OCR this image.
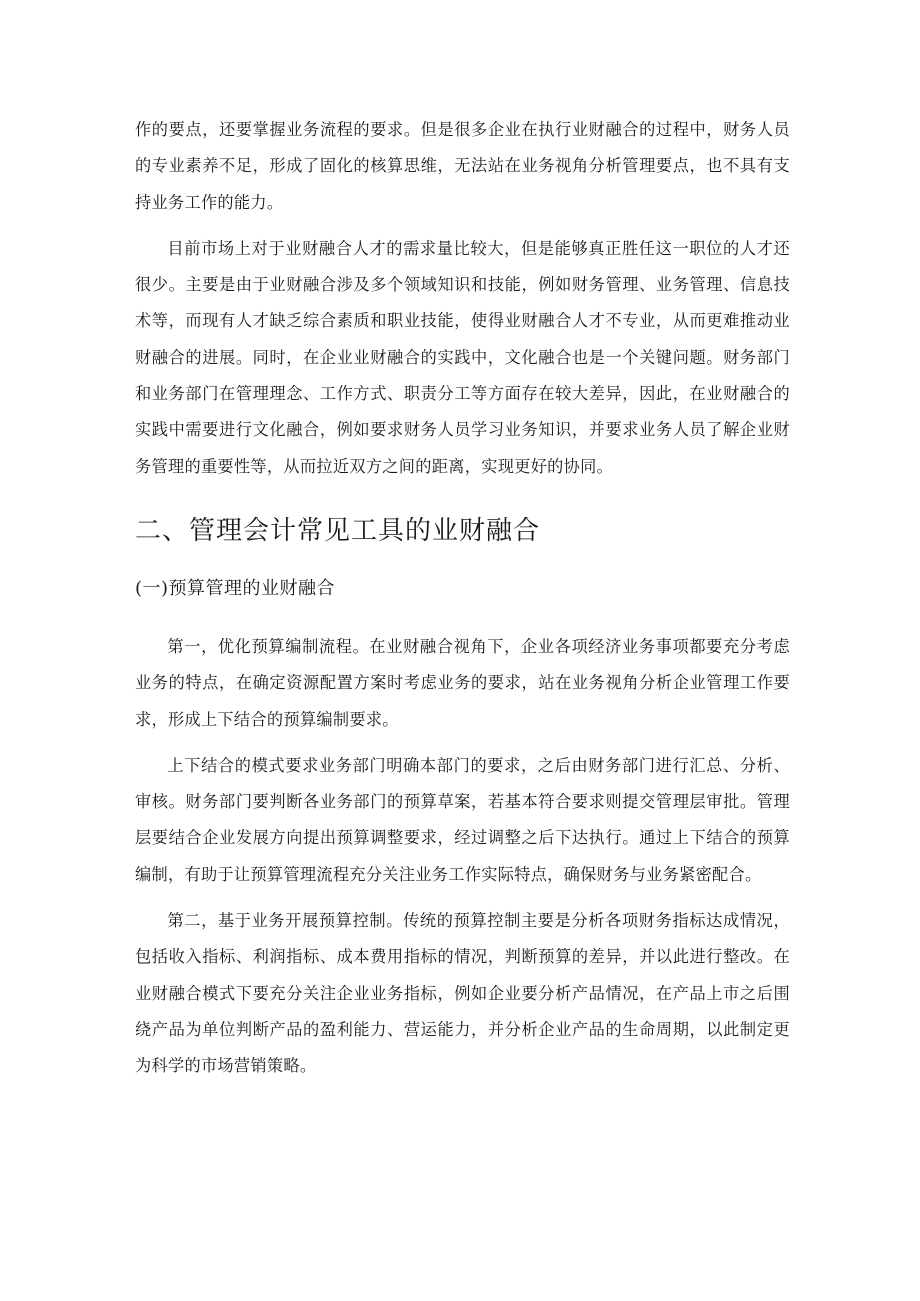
作的要点，还要掌握业务流程的要求。但是很多企业在执行业财融合的过程中，财务人员的专业素养不足，形成了固化的核算思维，无法站在业务视角分析管理要点，也不具有支持业务工作的能力。

目前市场上对于业财融合人才的需求量比较大，但是能够真正胜任这一职位的人才还很少。主要是由于业财融合涉及多个领域知识和技能，例如财务管理、业务管理、信息技术等，而现有人才缺乏综合素质和职业技能，使得业财融合人才不专业，从而更难推动业财融合的进展。同时，在企业业财融合的实践中，文化融合也是一个关键问题。财务部门和业务部门在管理理念、工作方式、职责分工等方面存在较大差异，因此，在业财融合的实践中需要进行文化融合，例如要求财务人员学习业务知识，并要求业务人员了解企业财务管理的重要性等，从而拉近双方之间的距离，实现更好的协同。

二、管理会计常见工具的业财融合
(一)预算管理的业财融合

第一，优化预算编制流程。在业财融合视角下，企业各项经济业务事项都要充分考虑业务的特点，在确定资源配置方案时考虑业务的要求，站在业务视角分析企业管理工作要求，形成上下结合的预算编制要求。

上下结合的模式要求业务部门明确本部门的要求，之后由财务部门进行汇总、分析、审核。财务部门要判断各业务部门的预算草案，若基本符合要求则提交管理层审批。管理层要结合企业发展方向提出预算调整要求，经过调整之后下达执行。通过上下结合的预算编制，有助于让预算管理流程充分关注业务工作实际特点，确保财务与业务紧密配合。

第二，基于业务开展预算控制。传统的预算控制主要是分析各项财务指标达成情况，包括收入指标、利润指标、成本费用指标的情况，判断预算的差异，并以此进行整改。在业财融合模式下要充分关注企业业务指标，例如企业要分析产品情况，在产品上市之后围绕产品为单位判断产品的盈利能力、营运能力，并分析企业产品的生命周期，以此制定更为科学的市场营销策略。
